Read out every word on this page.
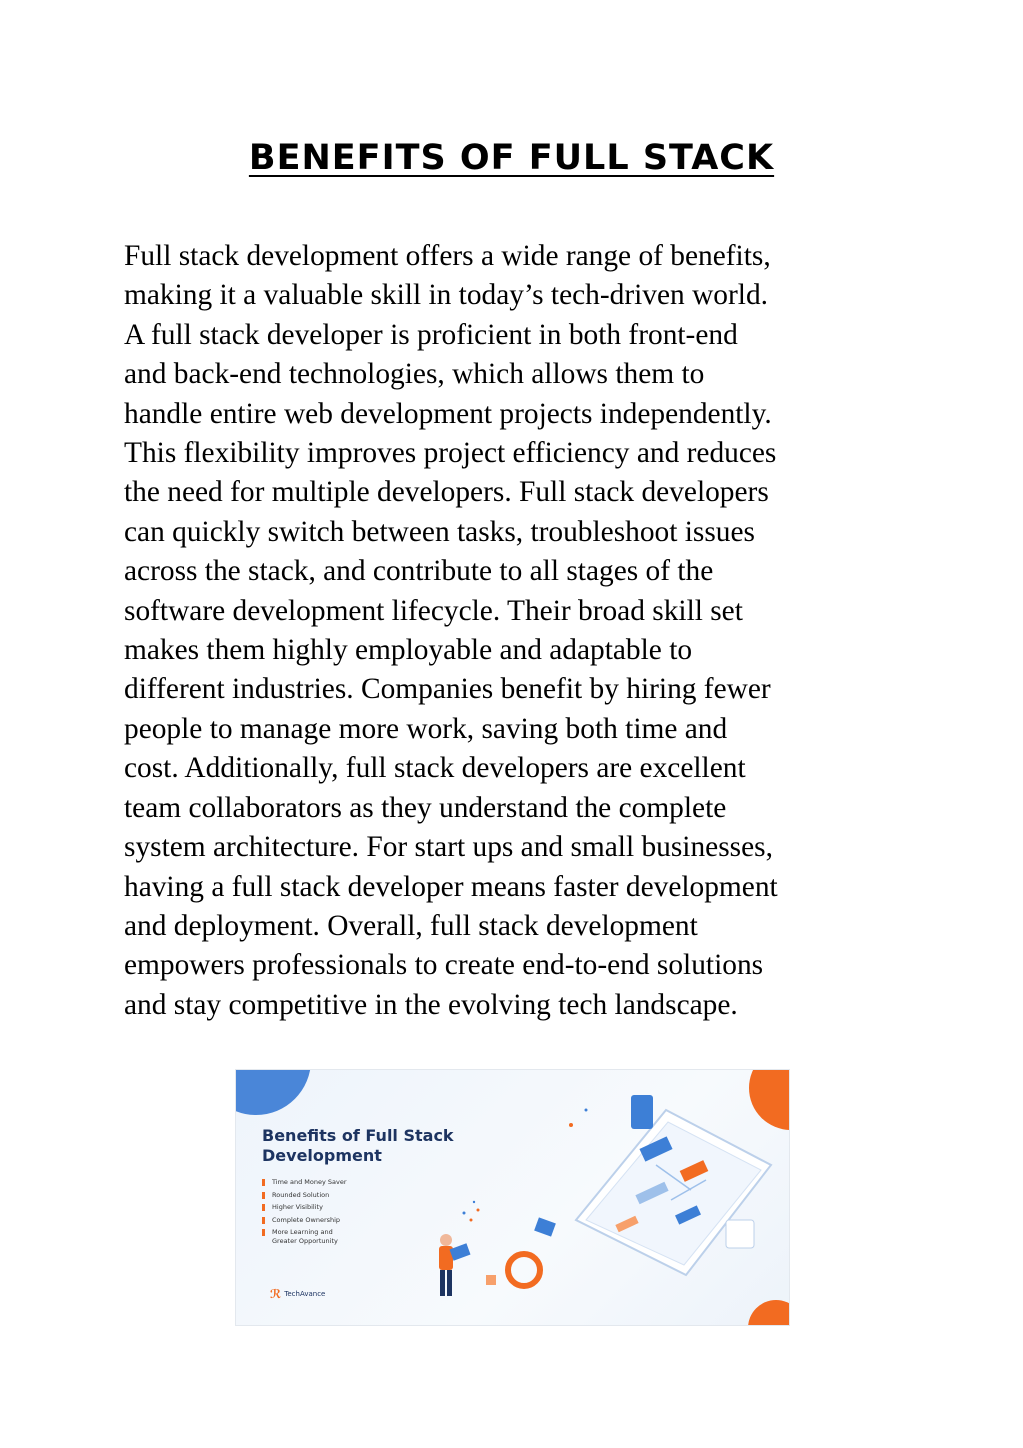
BENEFITS OF FULL STACK
Full stack development offers a wide range of benefits,
making it a valuable skill in today’s tech-driven world.
A full stack developer is proficient in both front-end
and back-end technologies, which allows them to
handle entire web development projects independently.
This flexibility improves project efficiency and reduces
the need for multiple developers. Full stack developers
can quickly switch between tasks, troubleshoot issues
across the stack, and contribute to all stages of the
software development lifecycle. Their broad skill set
makes them highly employable and adaptable to
different industries. Companies benefit by hiring fewer
people to manage more work, saving both time and
cost. Additionally, full stack developers are excellent
team collaborators as they understand the complete
system architecture. For start ups and small businesses,
having a full stack developer means faster development
and deployment. Overall, full stack development
empowers professionals to create end-to-end solutions
and stay competitive in the evolving tech landscape.
Benefits of Full Stack
Development
Time and Money Saver
Rounded Solution
Higher Visibility
Complete Ownership
More Learning and Greater Opportunity
ℛ TechAvance
